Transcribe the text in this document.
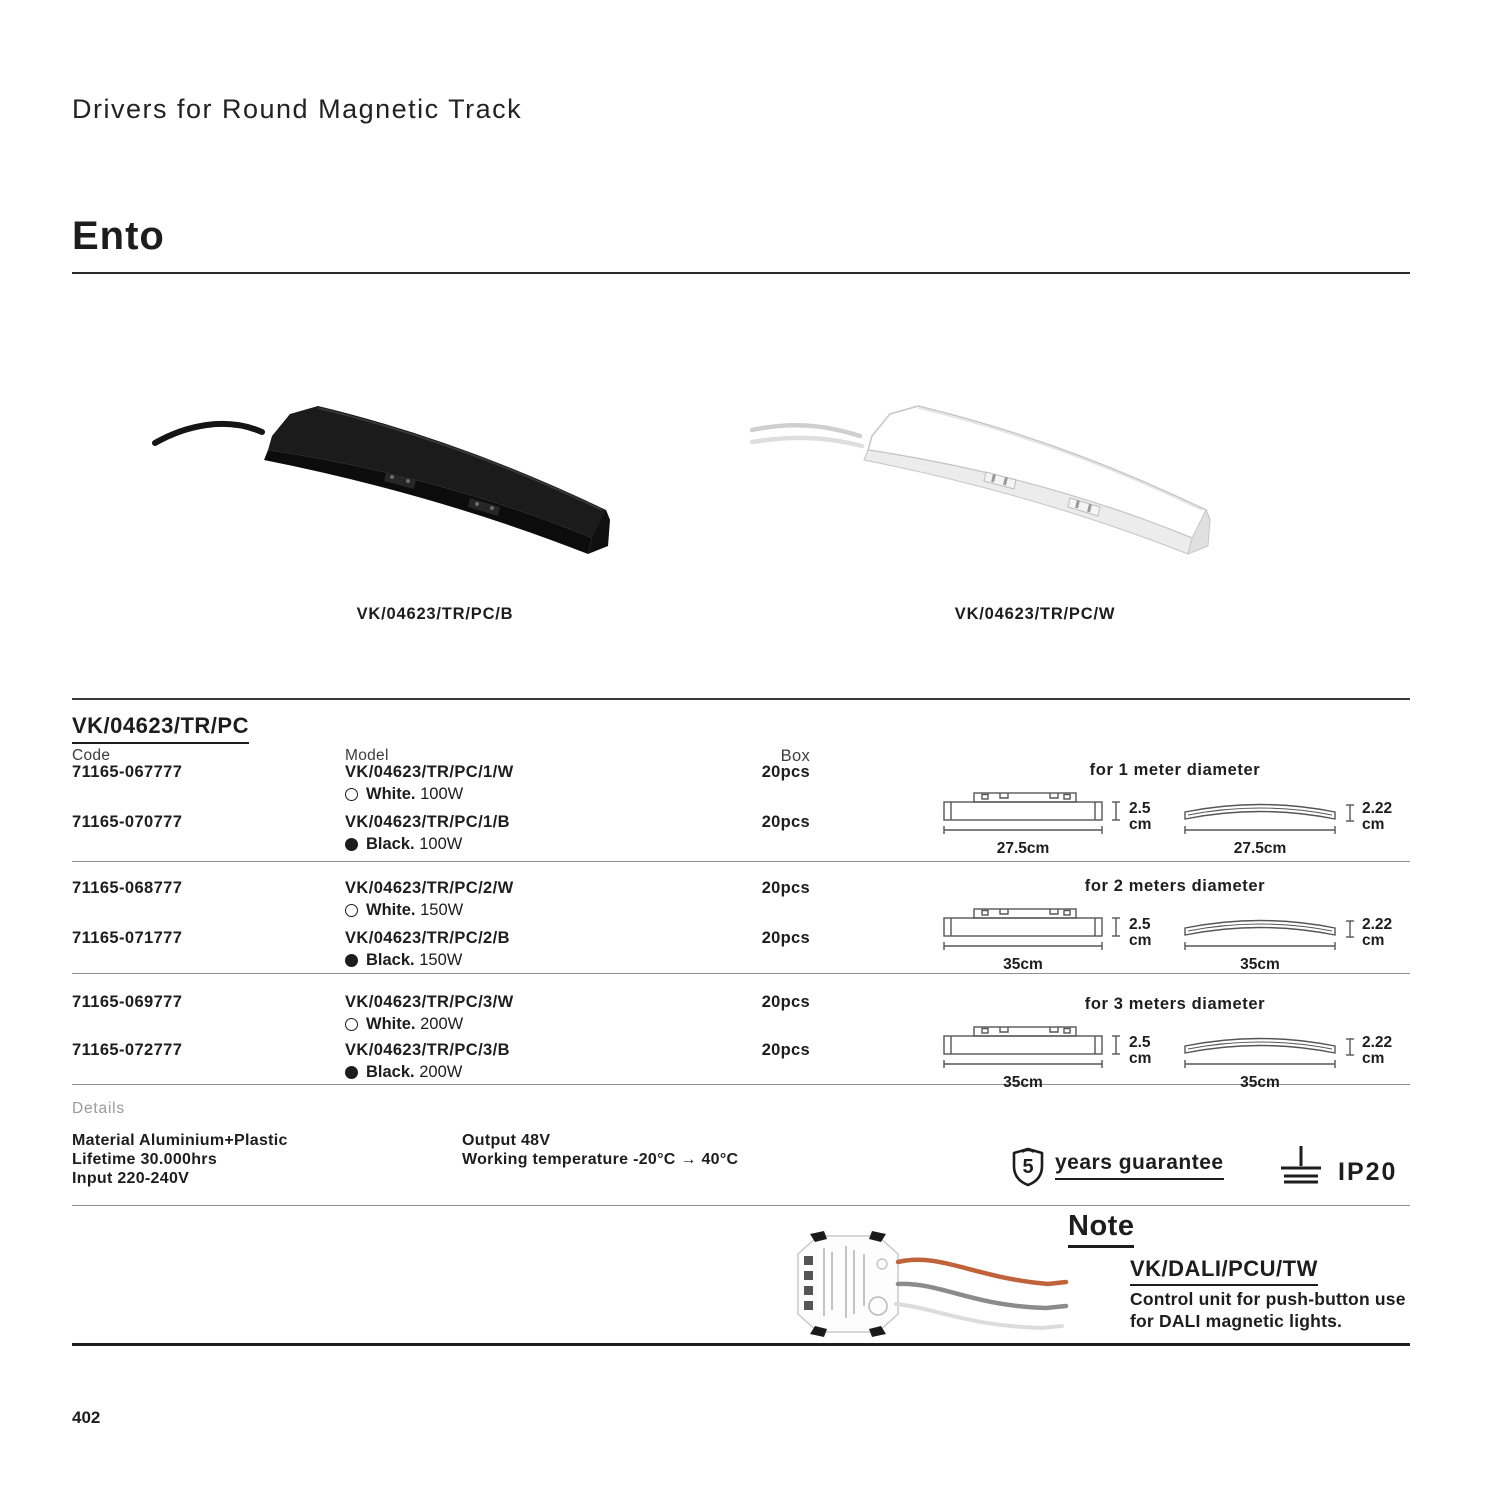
Drivers for Round Magnetic Track
Ento
VK/04623/TR/PC/B	VK/04623/TR/PC/W
VK/04623/TR/PC
Code	Model	Box
71165-067777	VK/04623/TR/PC/1/W	20pcs
White. 100W
71165-070777	VK/04623/TR/PC/1/B	20pcs
Black. 100W
71165-068777	VK/04623/TR/PC/2/W	20pcs
White. 150W
71165-071777	VK/04623/TR/PC/2/B	20pcs
Black. 150W
71165-069777	VK/04623/TR/PC/3/W	20pcs
White. 200W
71165-072777	VK/04623/TR/PC/3/B	20pcs
Black. 200W
for 1 meter diameter
2.5
cm
27.5cm
2.22
cm
27.5cm
for 2 meters diameter
2.5
cm
35cm
2.22
cm
35cm
for 3 meters diameter
2.5
cm
35cm
2.22
cm
35cm
Details
Material Aluminium+Plastic
Lifetime 30.000hrs
Input 220-240V
Output 48V
Working temperature -20°C → 40°C	5 years guarantee	IP20
Note
VK/DALI/PCU/TW
Control unit for push-button use
for DALI magnetic lights.
402
